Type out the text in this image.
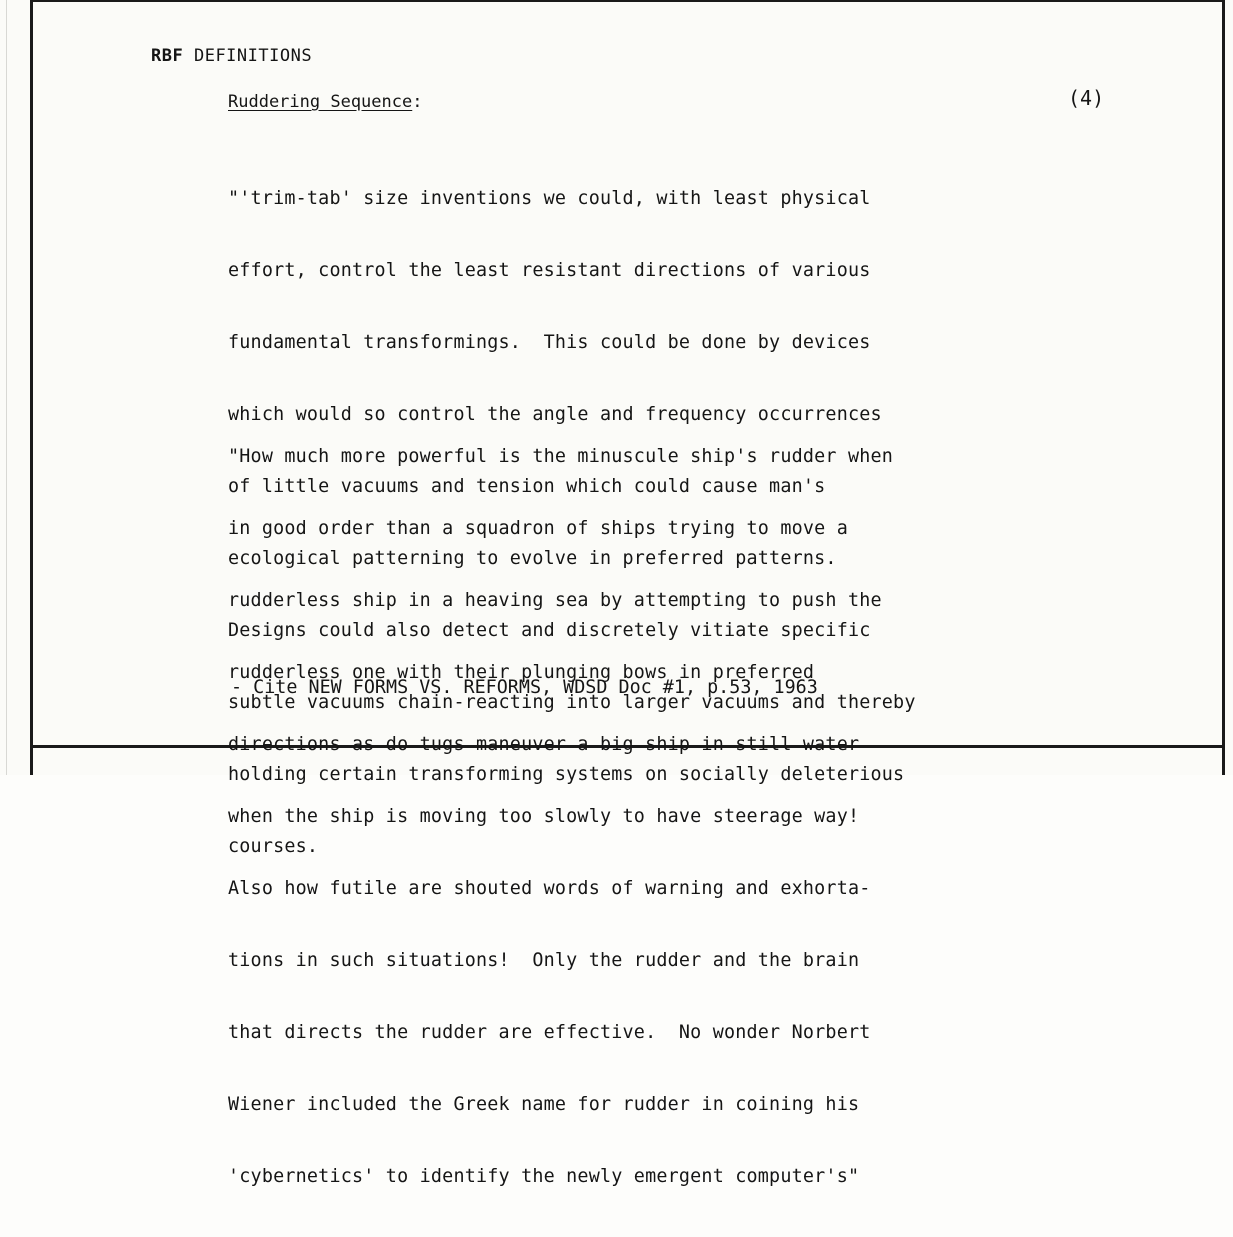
RBF DEFINITIONS
(4)
Ruddering Sequence:

"'trim-tab' size inventions we could, with least physical

effort, control the least resistant directions of various

fundamental transformings.  This could be done by devices

which would so control the angle and frequency occurrences

of little vacuums and tension which could cause man's

ecological patterning to evolve in preferred patterns.

Designs could also detect and discretely vitiate specific

subtle vacuums chain-reacting into larger vacuums and thereby

holding certain transforming systems on socially deleterious

courses.

"How much more powerful is the minuscule ship's rudder when

in good order than a squadron of ships trying to move a

rudderless ship in a heaving sea by attempting to push the

rudderless one with their plunging bows in preferred

directions as do tugs maneuver a big ship in still water

when the ship is moving too slowly to have steerage way!

Also how futile are shouted words of warning and exhorta-

tions in such situations!  Only the rudder and the brain

that directs the rudder are effective.  No wonder Norbert

Wiener included the Greek name for rudder in coining his

'cybernetics' to identify the newly emergent computer's"

- Cite NEW FORMS VS. REFORMS, WDSD Doc #1, p.53, 1963
